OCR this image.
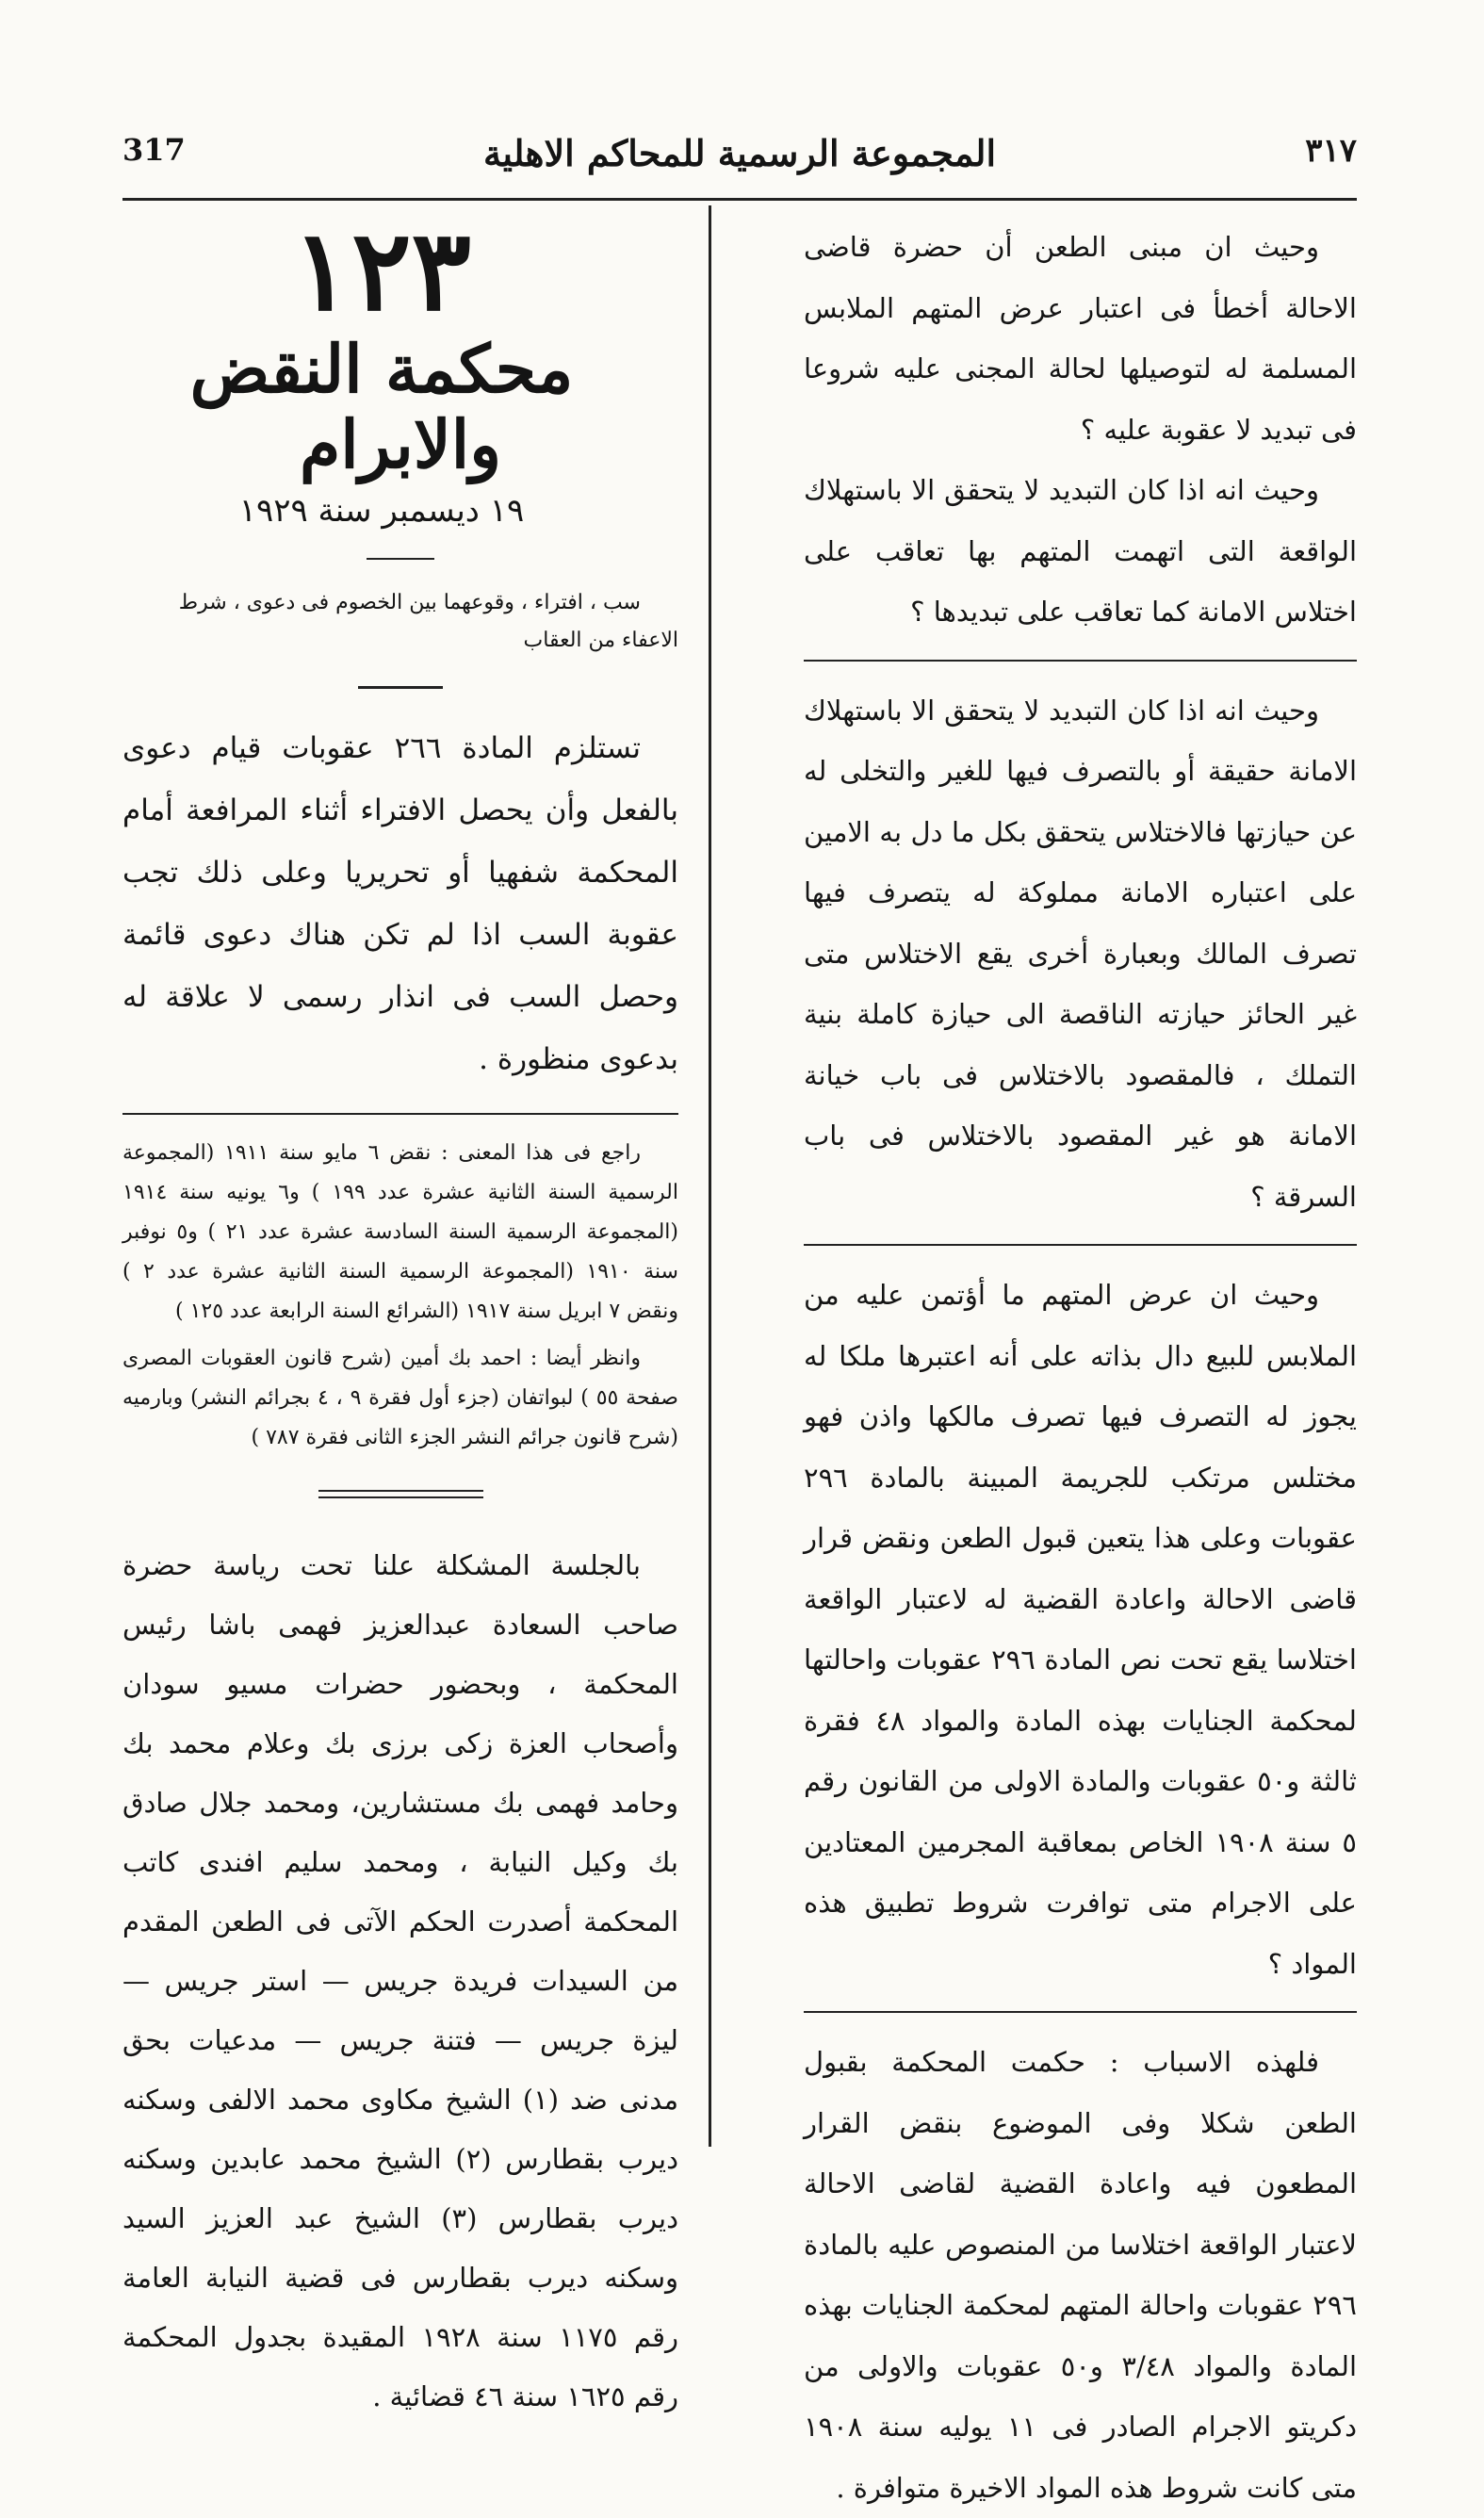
٣١٧
المجموعة الرسمية للمحاكم الاهلية
317

وحيث ان مبنى الطعن أن حضرة قاضى الاحالة أخطأ فى اعتبار عرض المتهم الملابس المسلمة له لتوصيلها لحالة المجنى عليه شروعا فى تبديد لا عقوبة عليه ؟

وحيث انه اذا كان التبديد لا يتحقق الا باستهلاك الواقعة التى اتهمت المتهم بها تعاقب على اختلاس الامانة كما تعاقب على تبديدها ؟

وحيث انه اذا كان التبديد لا يتحقق الا باستهلاك الامانة حقيقة أو بالتصرف فيها للغير والتخلى له عن حيازتها فالاختلاس يتحقق بكل ما دل به الامين على اعتباره الامانة مملوكة له يتصرف فيها تصرف المالك وبعبارة أخرى يقع الاختلاس متى غير الحائز حيازته الناقصة الى حيازة كاملة بنية التملك ، فالمقصود بالاختلاس فى باب خيانة الامانة هو غير المقصود بالاختلاس فى باب السرقة ؟

وحيث ان عرض المتهم ما أؤتمن عليه من الملابس للبيع دال بذاته على أنه اعتبرها ملكا له يجوز له التصرف فيها تصرف مالكها واذن فهو مختلس مرتكب للجريمة المبينة بالمادة ٢٩٦ عقوبات وعلى هذا يتعين قبول الطعن ونقض قرار قاضى الاحالة واعادة القضية له لاعتبار الواقعة اختلاسا يقع تحت نص المادة ٢٩٦ عقوبات واحالتها لمحكمة الجنايات بهذه المادة والمواد ٤٨ فقرة ثالثة و٥٠ عقوبات والمادة الاولى من القانون رقم ٥ سنة ١٩٠٨ الخاص بمعاقبة المجرمين المعتادين على الاجرام متى توافرت شروط تطبيق هذه المواد ؟

فلهذه الاسباب : حكمت المحكمة بقبول الطعن شكلا وفى الموضوع بنقض القرار المطعون فيه واعادة القضية لقاضى الاحالة لاعتبار الواقعة اختلاسا من المنصوص عليه بالمادة ٢٩٦ عقوبات واحالة المتهم لمحكمة الجنايات بهذه المادة والمواد ٣/٤٨ و٥٠ عقوبات والاولى من دكريتو الاجرام الصادر فى ١١ يوليه سنة ١٩٠٨ متى كانت شروط هذه المواد الاخيرة متوافرة .

١٢٣

محكمة النقض والابرام

١٩ ديسمبر سنة ١٩٢٩

سب ، افتراء ، وقوعهما بين الخصوم فى دعوى ، شرط الاعفاء من العقاب

تستلزم المادة ٢٦٦ عقوبات قيام دعوى بالفعل وأن يحصل الافتراء أثناء المرافعة أمام المحكمة شفهيا أو تحريريا وعلى ذلك تجب عقوبة السب اذا لم تكن هناك دعوى قائمة وحصل السب فى انذار رسمى لا علاقة له بدعوى منظورة .

راجع فى هذا المعنى : نقض ٦ مايو سنة ١٩١١ (المجموعة الرسمية السنة الثانية عشرة عدد ١٩٩ ) و٦ يونيه سنة ١٩١٤ (المجموعة الرسمية السنة السادسة عشرة عدد ٢١ ) و٥ نوفبر سنة ١٩١٠ (المجموعة الرسمية السنة الثانية عشرة عدد ٢ ) ونقض ٧ ابريل سنة ١٩١٧ (الشرائع السنة الرابعة عدد ١٢٥ )

وانظر أيضا : احمد بك أمين (شرح قانون العقوبات المصرى صفحة ٥٥ ) لبواتفان (جزء أول فقرة ٩ ، ٤ بجرائم النشر) وبارميه (شرح قانون جرائم النشر الجزء الثانى فقرة ٧٨٧ )

بالجلسة المشكلة علنا تحت رياسة حضرة صاحب السعادة عبدالعزيز فهمى باشا رئيس المحكمة ، وبحضور حضرات مسيو سودان وأصحاب العزة زكى برزى بك وعلام محمد بك وحامد فهمى بك مستشارين، ومحمد جلال صادق بك وكيل النيابة ، ومحمد سليم افندى كاتب المحكمة أصدرت الحكم الآتى فى الطعن المقدم من السيدات فريدة جريس — استر جريس — ليزة جريس — فتنة جريس — مدعيات بحق مدنى ضد (١) الشيخ مكاوى محمد الالفى وسكنه ديرب بقطارس (٢) الشيخ محمد عابدين وسكنه ديرب بقطارس (٣) الشيخ عبد العزيز السيد وسكنه ديرب بقطارس فى قضية النيابة العامة رقم ١١٧٥ سنة ١٩٢٨ المقيدة بجدول المحكمة رقم ١٦٢٥ سنة ٤٦ قضائية .
